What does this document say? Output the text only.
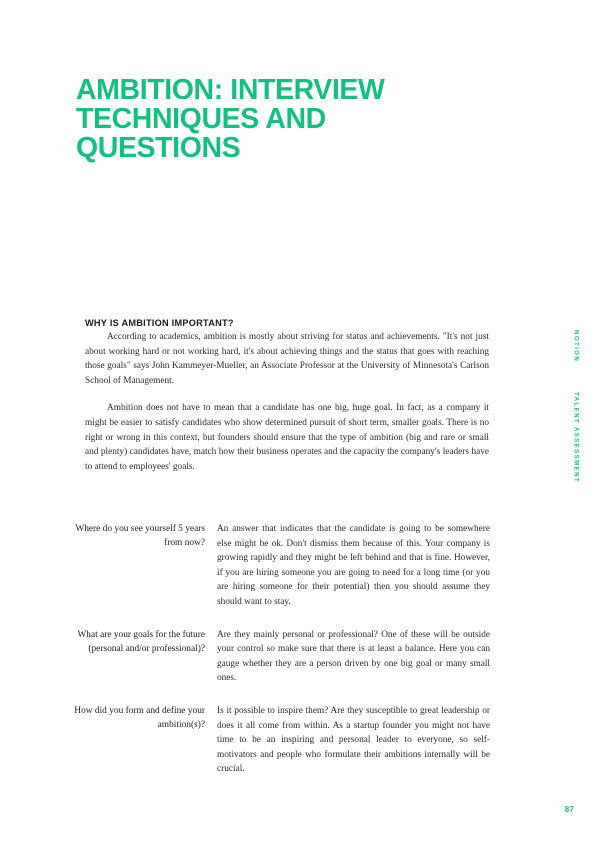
AMBITION: INTERVIEW TECHNIQUES AND QUESTIONS
WHY IS AMBITION IMPORTANT?

According to academics, ambition is mostly about striving for status and achievements. "It's not just about working hard or not working hard, it's about achieving things and the status that goes with reaching those goals" says John Kammeyer-Mueller, an Associate Professor at the University of Minnesota's Carlson School of Management.

Ambition does not have to mean that a candidate has one big, huge goal. In fact, as a company it might be easier to satisfy candidates who show determined pursuit of short term, smaller goals. There is no right or wrong in this context, but founders should ensure that the type of ambition (big and rare or small and plenty) candidates have, match how their business operates and the capacity the company's leaders have to attend to employees' goals.

Where do you see yourself 5 years from now?
An answer that indicates that the candidate is going to be somewhere else might be ok. Don't dismiss them because of this. Your company is growing rapidly and they might be left behind and that is fine. However, if you are hiring someone you are going to need for a long time (or you are hiring someone for their potential) then you should assume they should want to stay.
What are your goals for the future (personal and/or professional)?
Are they mainly personal or professional? One of these will be outside your control so make sure that there is at least a balance. Here you can gauge whether they are a person driven by one big goal or many small ones.
How did you form and define your ambition(s)?
Is it possible to inspire them? Are they susceptible to great leadership or does it all come from within. As a startup founder you might not have time to be an inspiring and personal leader to everyone, so self-motivators and people who formulate their ambitions internally will be crucial.
NOTION
TALENT ASSESSMENT
87
